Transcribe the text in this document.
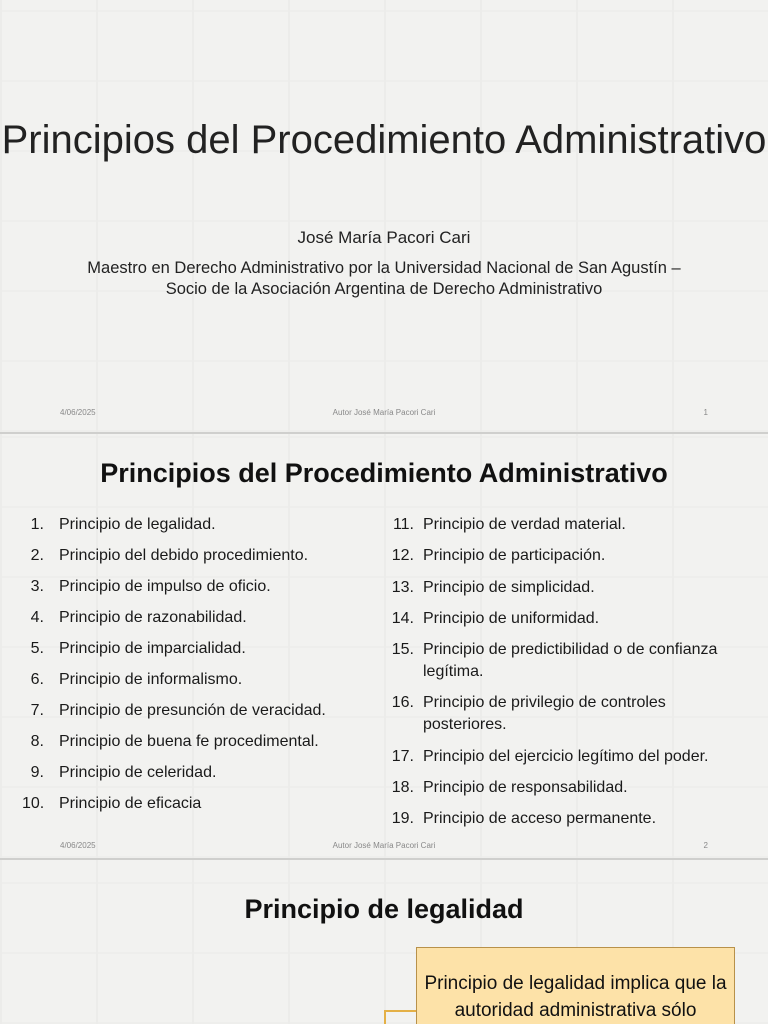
Principios del Procedimiento Administrativo
José María Pacori Cari
Maestro en Derecho Administrativo por la Universidad Nacional de San Agustín – Socio de la Asociación Argentina de Derecho Administrativo
4/06/2025	Autor José María Pacori Cari	1
Principios del Procedimiento Administrativo
1. Principio de legalidad.
2. Principio del debido procedimiento.
3. Principio de impulso de oficio.
4. Principio de razonabilidad.
5. Principio de imparcialidad.
6. Principio de informalismo.
7. Principio de presunción de veracidad.
8. Principio de buena fe procedimental.
9. Principio de celeridad.
10. Principio de eficacia
11. Principio de verdad material.
12. Principio de participación.
13. Principio de simplicidad.
14. Principio de uniformidad.
15. Principio de predictibilidad o de confianza legítima.
16. Principio de privilegio de controles posteriores.
17. Principio del ejercicio legítimo del poder.
18. Principio de responsabilidad.
19. Principio de acceso permanente.
4/06/2025	Autor José María Pacori Cari	2
Principio de legalidad
Principio de legalidad implica que la autoridad administrativa sólo
